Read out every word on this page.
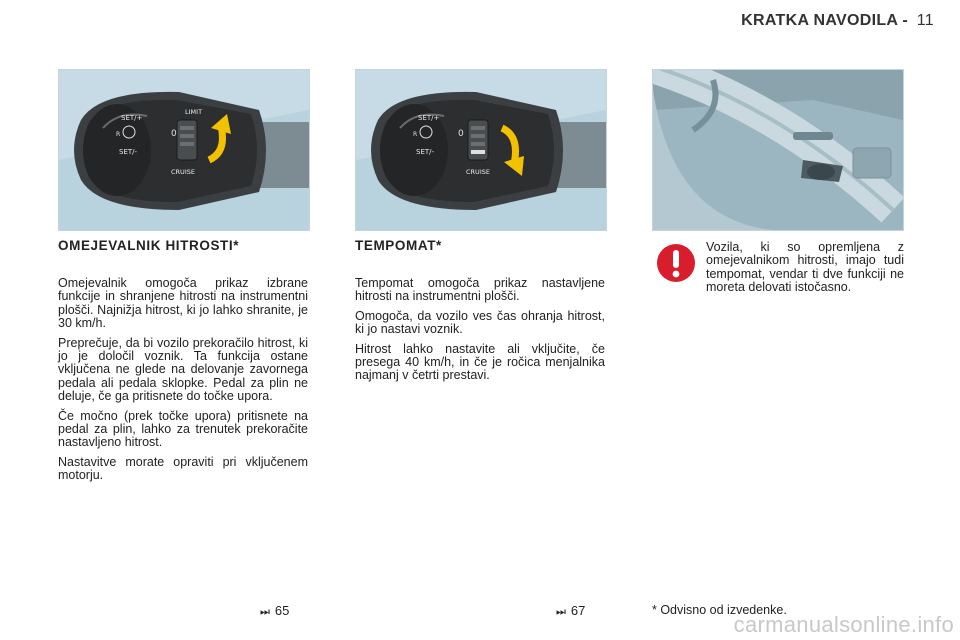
KRATKA NAVODILA - 11
SET/+
SET/-
R	0
LIMIT
CRUISE
SET/+
SET/-
R	0
CRUISE
OMEJEVALNIK HITROSTI*

Omejevalnik omogoča prikaz izbrane funkcije in shranjene hitrosti na instrumentni plošči. Najnižja hitrost, ki jo lahko shranite, je 30 km/h.

Preprečuje, da bi vozilo prekoračilo hitrost, ki jo je določil voznik. Ta funkcija ostane vključena ne glede na delovanje zavornega pedala ali pedala sklopke. Pedal za plin ne deluje, če ga pritisnete do točke upora.

Če močno (prek točke upora) pritisnete na pedal za plin, lahko za trenutek prekoračite nastavljeno hitrost.

Nastavitve morate opraviti pri vključenem motorju.

TEMPOMAT*

Tempomat omogoča prikaz nastavljene hitrosti na instrumentni plošči.

Omogoča, da vozilo ves čas ohranja hitrost, ki jo nastavi voznik.

Hitrost lahko nastavite ali vključite, če presega 40 km/h, in če je ročica menjalnika najmanj v četrti prestavi.

Vozila, ki so opremljena z omejevalnikom hitrosti, imajo tudi tempomat, vendar ti dve funkciji ne moreta delovati istočasno.
⏭ 65	⏭ 67	* Odvisno od izvedenke.
carmanualsonline.info
